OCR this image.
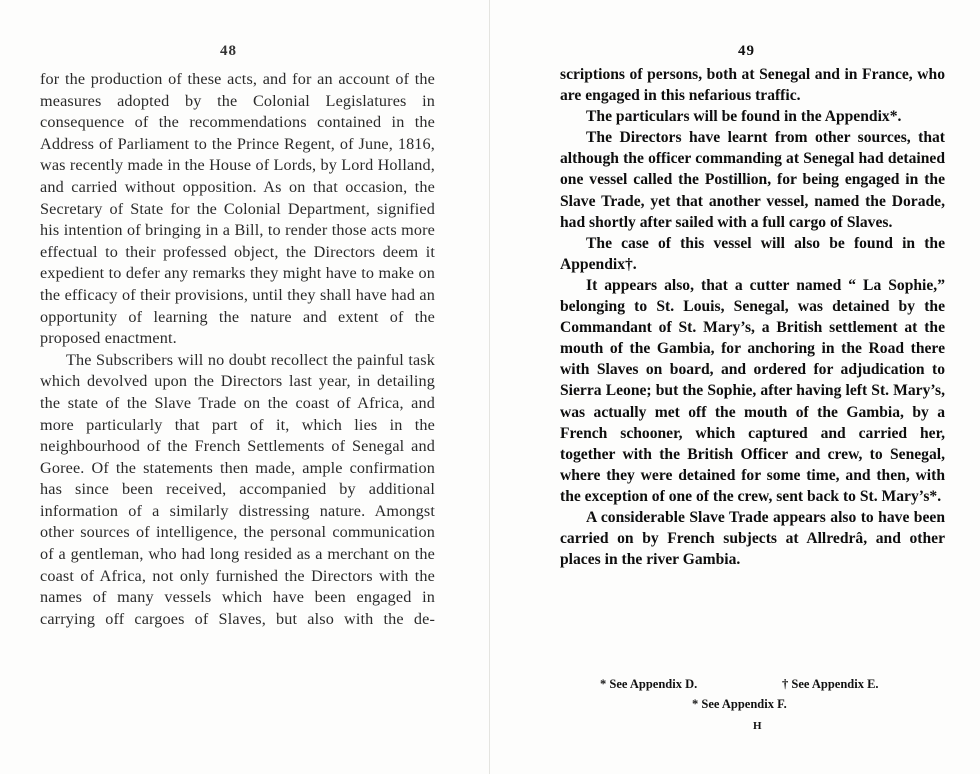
48

for the production of these acts, and for an account of the measures adopted by the Colonial Legislatures in consequence of the recommendations contained in the Address of Parliament to the Prince Regent, of June, 1816, was recently made in the House of Lords, by Lord Holland, and carried without opposition. As on that occasion, the Secretary of State for the Colonial Department, signified his intention of bringing in a Bill, to render those acts more effectual to their professed object, the Directors deem it expedient to defer any remarks they might have to make on the efficacy of their provisions, until they shall have had an opportunity of learning the nature and extent of the proposed enactment.

The Subscribers will no doubt recollect the painful task which devolved upon the Directors last year, in detailing the state of the Slave Trade on the coast of Africa, and more particularly that part of it, which lies in the neighbourhood of the French Settlements of Senegal and Goree. Of the statements then made, ample confirmation has since been received, accompanied by additional information of a similarly distressing nature. Amongst other sources of intelligence, the personal communication of a gentleman, who had long resided as a merchant on the coast of Africa, not only furnished the Directors with the names of many vessels which have been engaged in carrying off cargoes of Slaves, but also with the de-

49

scriptions of persons, both at Senegal and in France, who are engaged in this nefarious traffic.

The particulars will be found in the Appendix*.

The Directors have learnt from other sources, that although the officer commanding at Senegal had detained one vessel called the Postillion, for being engaged in the Slave Trade, yet that another vessel, named the Dorade, had shortly after sailed with a full cargo of Slaves.

The case of this vessel will also be found in the Appendix†.

It appears also, that a cutter named “ La Sophie,” belonging to St. Louis, Senegal, was detained by the Commandant of St. Mary’s, a British settlement at the mouth of the Gambia, for anchoring in the Road there with Slaves on board, and ordered for adjudication to Sierra Leone; but the Sophie, after having left St. Mary’s, was actually met off the mouth of the Gambia, by a French schooner, which captured and carried her, together with the British Officer and crew, to Senegal, where they were detained for some time, and then, with the exception of one of the crew, sent back to St. Mary’s*.

A considerable Slave Trade appears also to have been carried on by French subjects at Allredrâ, and other places in the river Gambia.

* See Appendix D.	† See Appendix E.
* See Appendix F.
H
